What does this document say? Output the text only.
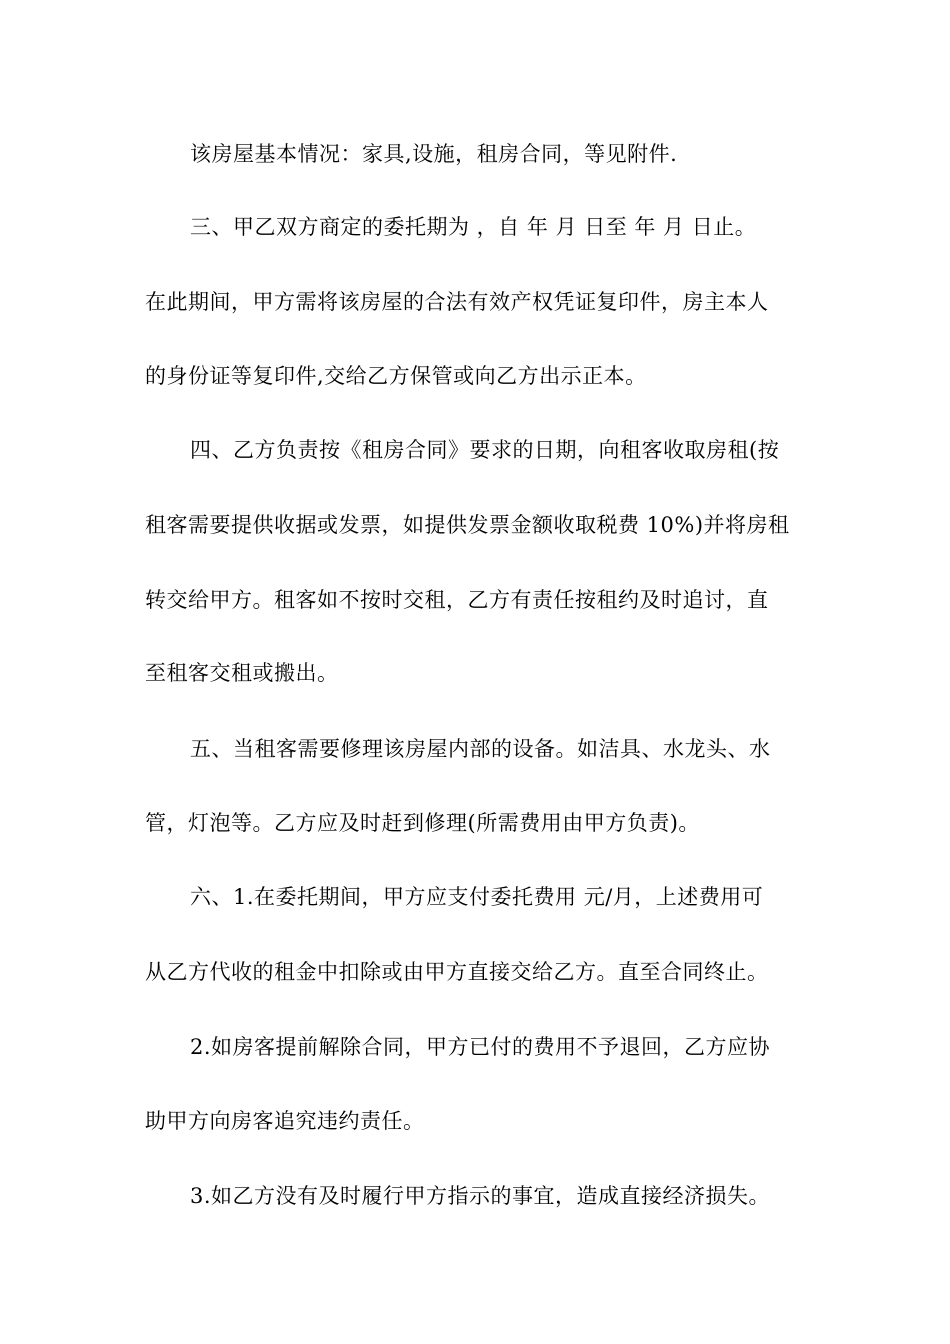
该房屋基本情况：家具,设施，租房合同，等见附件.
三、甲乙双方商定的委托期为 ，自 年 月 日至 年 月 日止。
在此期间，甲方需将该房屋的合法有效产权凭证复印件，房主本人
的身份证等复印件,交给乙方保管或向乙方出示正本。
四、乙方负责按《租房合同》要求的日期，向租客收取房租(按
租客需要提供收据或发票，如提供发票金额收取税费 10%)并将房租
转交给甲方。租客如不按时交租，乙方有责任按租约及时追讨，直
至租客交租或搬出。
五、当租客需要修理该房屋内部的设备。如洁具、水龙头、水
管，灯泡等。乙方应及时赶到修理(所需费用由甲方负责)。
六、1.在委托期间，甲方应支付委托费用 元/月，上述费用可
从乙方代收的租金中扣除或由甲方直接交给乙方。直至合同终止。
2.如房客提前解除合同，甲方已付的费用不予退回，乙方应协
助甲方向房客追究违约责任。
3.如乙方没有及时履行甲方指示的事宜，造成直接经济损失。
